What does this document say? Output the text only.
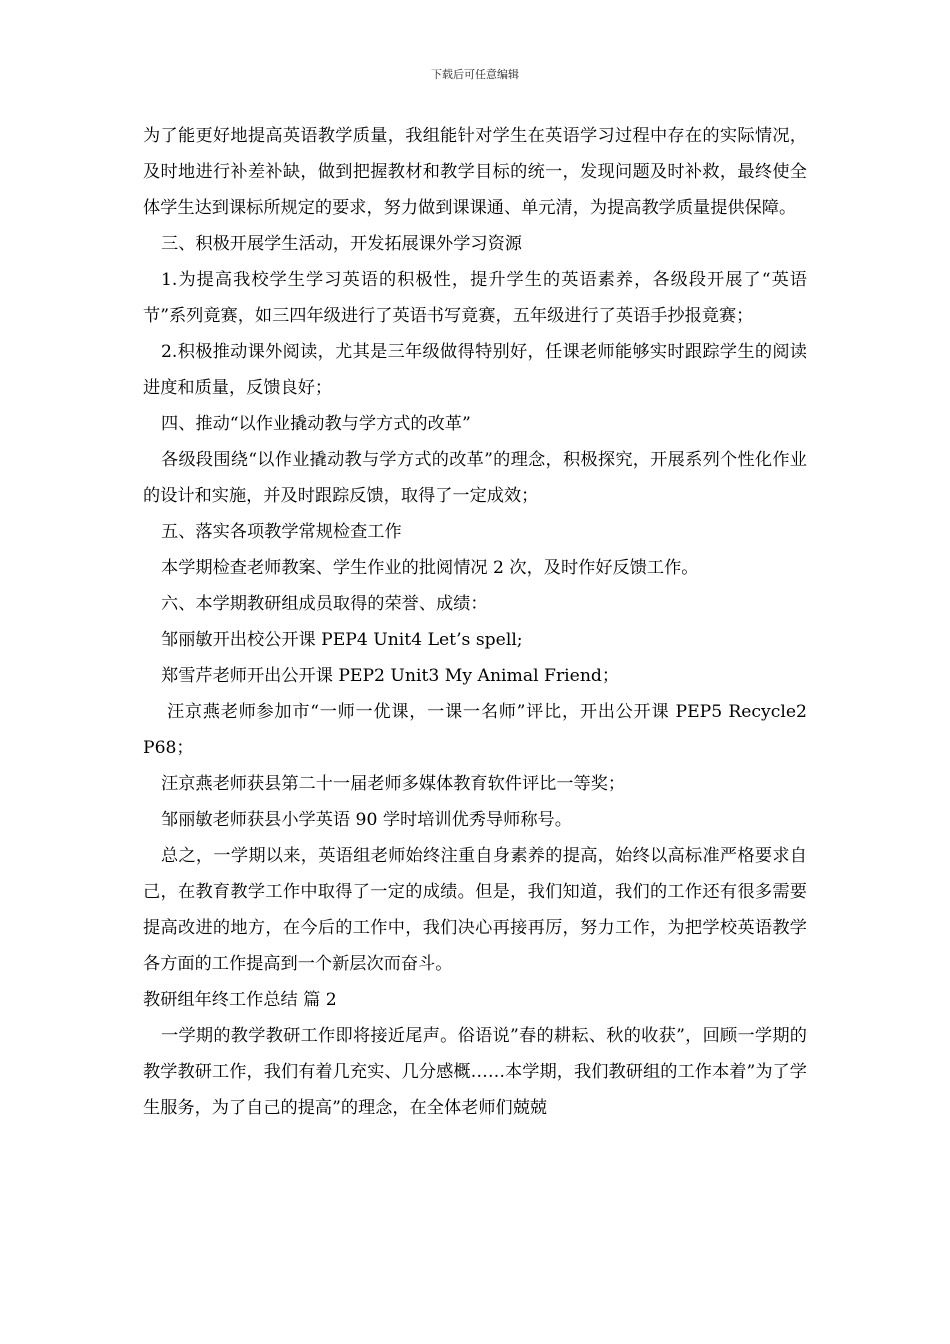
下载后可任意编辑

为了能更好地提高英语教学质量，我组能针对学生在英语学习过程中存在的实际情况，及时地进行补差补缺，做到把握教材和教学目标的统一，发现问题及时补救，最终使全体学生达到课标所规定的要求，努力做到课课通、单元清，为提高教学质量提供保障。

三、积极开展学生活动，开发拓展课外学习资源

1.为提高我校学生学习英语的积极性，提升学生的英语素养，各级段开展了“英语节”系列竟赛，如三四年级进行了英语书写竟赛，五年级进行了英语手抄报竟赛；

2.积极推动课外阅读，尤其是三年级做得特别好，任课老师能够实时跟踪学生的阅读进度和质量，反馈良好；

四、推动“以作业撬动教与学方式的改革”

各级段围绕“以作业撬动教与学方式的改革”的理念，积极探究，开展系列个性化作业的设计和实施，并及时跟踪反馈，取得了一定成效；

五、落实各项教学常规检查工作

本学期检查老师教案、学生作业的批阅情况 2 次，及时作好反馈工作。

六、本学期教研组成员取得的荣誉、成绩：

邹丽敏开出校公开课 PEP4 Unit4 Let’s spell;

郑雪芹老师开出公开课 PEP2 Unit3 My Animal Friend；

汪京燕老师参加市“一师一优课，一课一名师”评比，开出公开课 PEP5 Recycle2 P68；

汪京燕老师获县第二十一届老师多媒体教育软件评比一等奖；

邹丽敏老师获县小学英语 90 学时培训优秀导师称号。

总之，一学期以来，英语组老师始终注重自身素养的提高，始终以高标准严格要求自己，在教育教学工作中取得了一定的成绩。但是，我们知道，我们的工作还有很多需要提高改进的地方，在今后的工作中，我们决心再接再厉，努力工作，为把学校英语教学各方面的工作提高到一个新层次而奋斗。

教研组年终工作总结 篇 2

一学期的教学教研工作即将接近尾声。俗语说”春的耕耘、秋的收获”，回顾一学期的教学教研工作，我们有着几充实、几分感概……本学期，我们教研组的工作本着”为了学生服务，为了自己的提高”的理念，在全体老师们兢兢
